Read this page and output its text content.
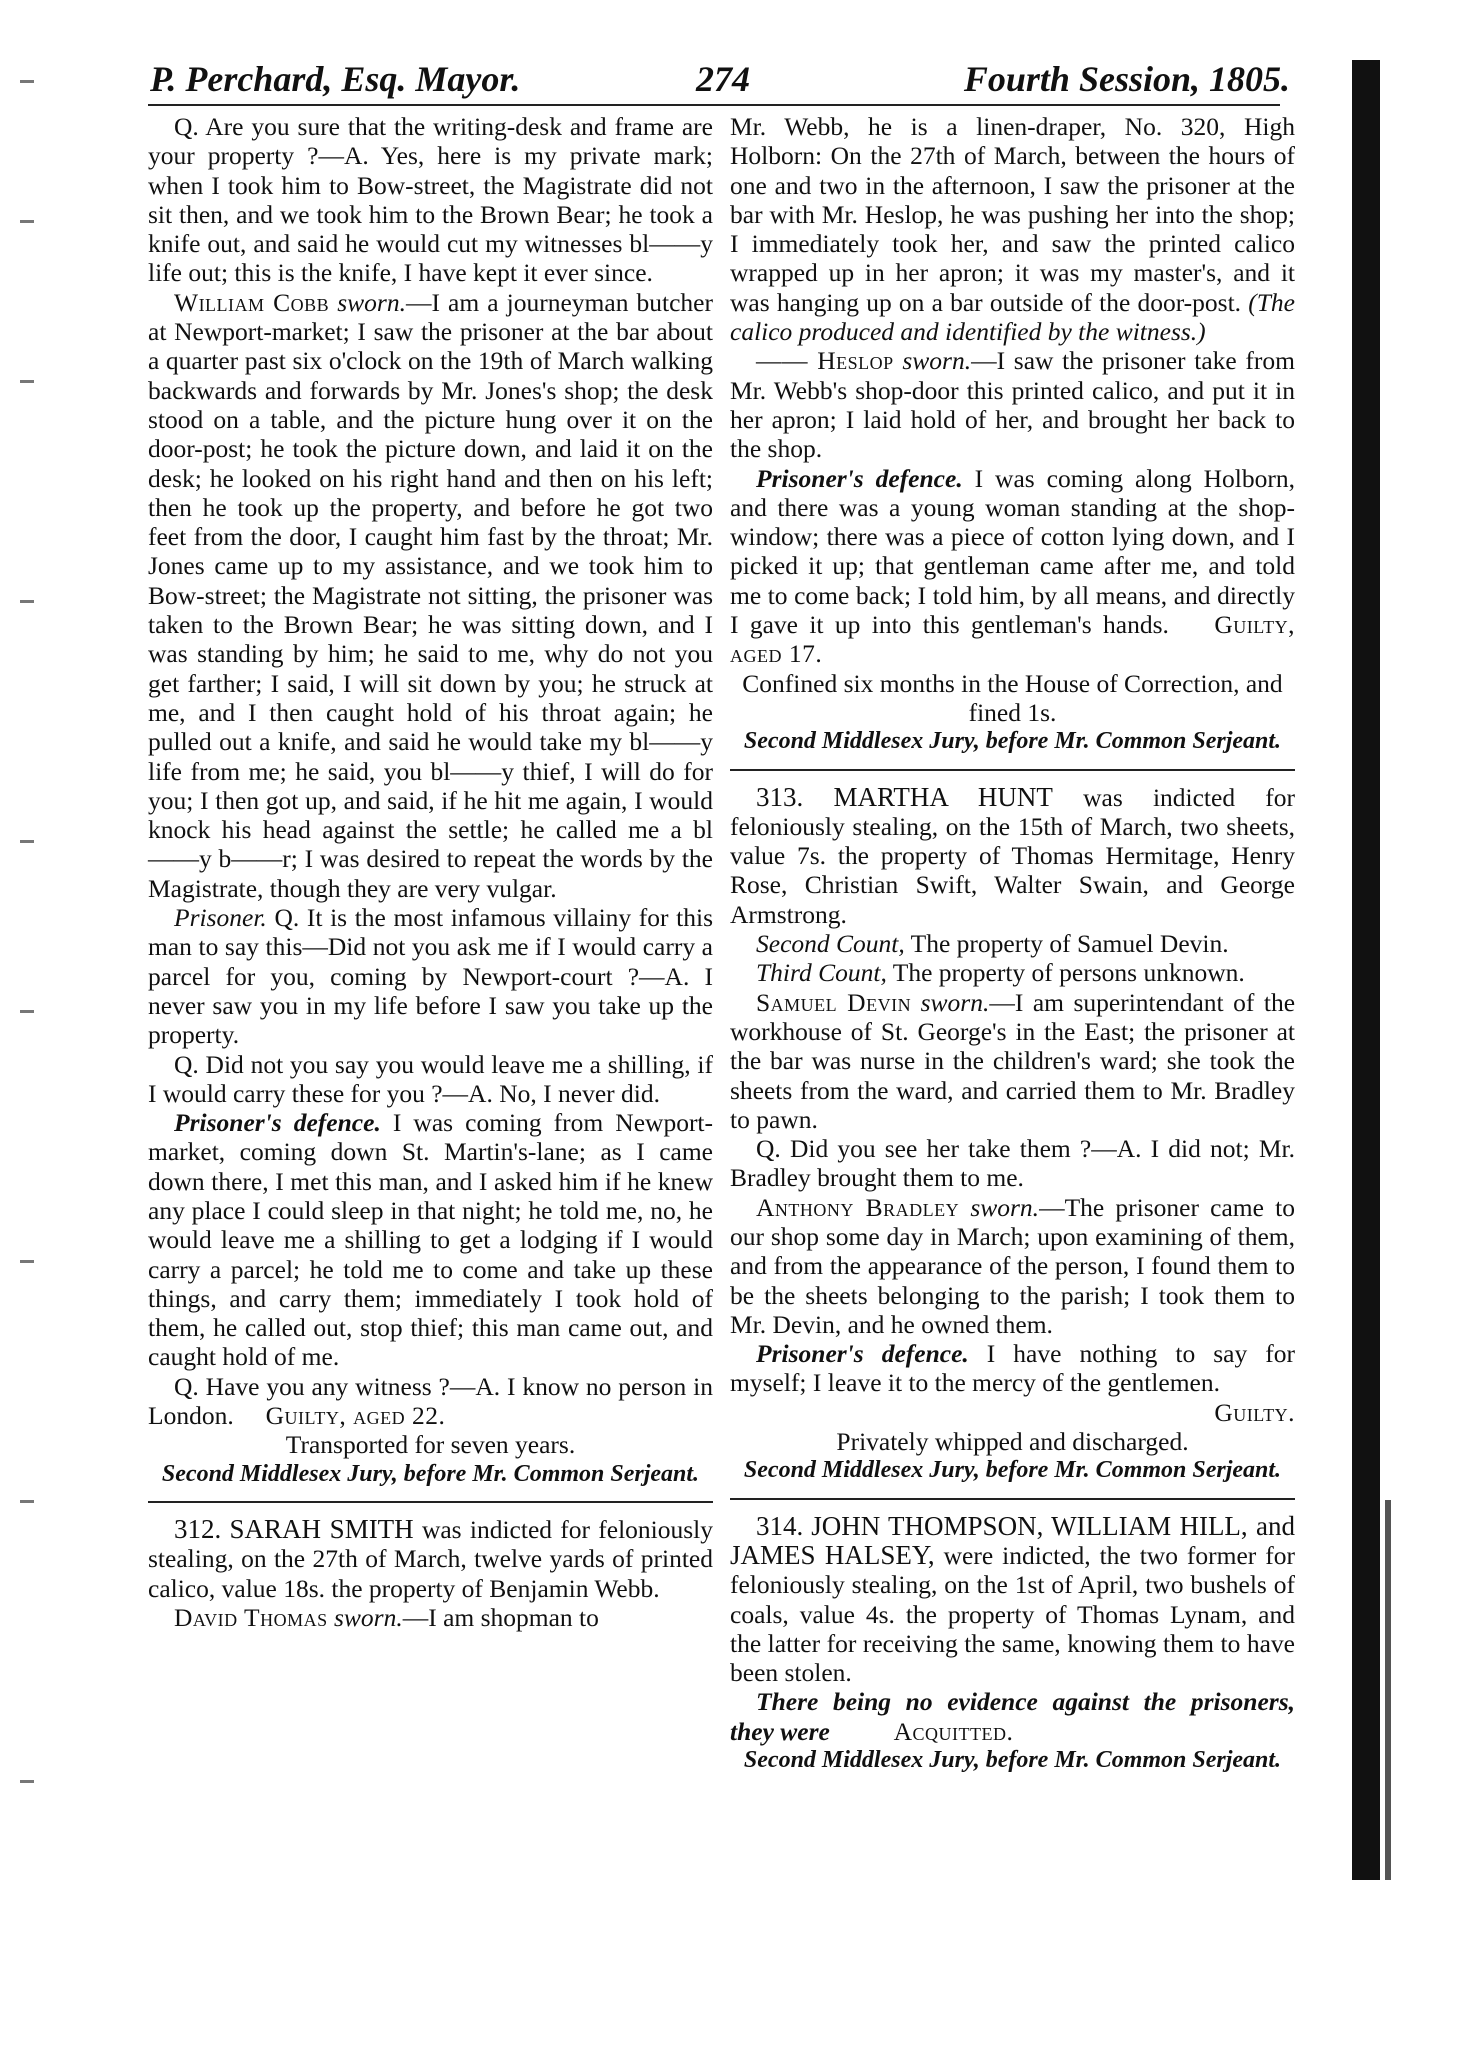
P. Perchard, Esq. Mayor.	274	Fourth Session, 1805.

Q. Are you sure that the writing-desk and frame are your property ?—A. Yes, here is my private mark; when I took him to Bow-street, the Magistrate did not sit then, and we took him to the Brown Bear; he took a knife out, and said he would cut my witnesses bl——y life out; this is the knife, I have kept it ever since.

William Cobb sworn.—I am a journeyman butcher at Newport-market; I saw the prisoner at the bar about a quarter past six o'clock on the 19th of March walking backwards and forwards by Mr. Jones's shop; the desk stood on a table, and the picture hung over it on the door-post; he took the picture down, and laid it on the desk; he looked on his right hand and then on his left; then he took up the property, and before he got two feet from the door, I caught him fast by the throat; Mr. Jones came up to my assistance, and we took him to Bow-street; the Magistrate not sitting, the prisoner was taken to the Brown Bear; he was sitting down, and I was standing by him; he said to me, why do not you get farther; I said, I will sit down by you; he struck at me, and I then caught hold of his throat again; he pulled out a knife, and said he would take my bl——y life from me; he said, you bl——y thief, I will do for you; I then got up, and said, if he hit me again, I would knock his head against the settle; he called me a bl——y b——r; I was desired to repeat the words by the Magistrate, though they are very vulgar.

Prisoner. Q. It is the most infamous villainy for this man to say this—Did not you ask me if I would carry a parcel for you, coming by Newport-court ?—A. I never saw you in my life before I saw you take up the property.

Q. Did not you say you would leave me a shilling, if I would carry these for you ?—A. No, I never did.

Prisoner's defence. I was coming from Newport-market, coming down St. Martin's-lane; as I came down there, I met this man, and I asked him if he knew any place I could sleep in that night; he told me, no, he would leave me a shilling to get a lodging if I would carry a parcel; he told me to come and take up these things, and carry them; immediately I took hold of them, he called out, stop thief; this man came out, and caught hold of me.

Q. Have you any witness ?—A. I know no person in London. Guilty, aged 22.

Transported for seven years.

Second Middlesex Jury, before Mr. Common Serjeant.

312. SARAH SMITH was indicted for feloniously stealing, on the 27th of March, twelve yards of printed calico, value 18s. the property of Benjamin Webb.

David Thomas sworn.—I am shopman to

Mr. Webb, he is a linen-draper, No. 320, High Holborn: On the 27th of March, between the hours of one and two in the afternoon, I saw the prisoner at the bar with Mr. Heslop, he was pushing her into the shop; I immediately took her, and saw the printed calico wrapped up in her apron; it was my master's, and it was hanging up on a bar outside of the door-post. (The calico produced and identified by the witness.)

—— Heslop sworn.—I saw the prisoner take from Mr. Webb's shop-door this printed calico, and put it in her apron; I laid hold of her, and brought her back to the shop.

Prisoner's defence. I was coming along Holborn, and there was a young woman standing at the shop-window; there was a piece of cotton lying down, and I picked it up; that gentleman came after me, and told me to come back; I told him, by all means, and directly I gave it up into this gentleman's hands. Guilty, aged 17.

Confined six months in the House of Correction, and fined 1s.

Second Middlesex Jury, before Mr. Common Serjeant.

313. MARTHA HUNT was indicted for feloniously stealing, on the 15th of March, two sheets, value 7s. the property of Thomas Hermitage, Henry Rose, Christian Swift, Walter Swain, and George Armstrong.

Second Count, The property of Samuel Devin.

Third Count, The property of persons unknown.

Samuel Devin sworn.—I am superintendant of the workhouse of St. George's in the East; the prisoner at the bar was nurse in the children's ward; she took the sheets from the ward, and carried them to Mr. Bradley to pawn.

Q. Did you see her take them ?—A. I did not; Mr. Bradley brought them to me.

Anthony Bradley sworn.—The prisoner came to our shop some day in March; upon examining of them, and from the appearance of the person, I found them to be the sheets belonging to the parish; I took them to Mr. Devin, and he owned them.

Prisoner's defence. I have nothing to say for myself; I leave it to the mercy of the gentlemen.

Guilty.

Privately whipped and discharged.

Second Middlesex Jury, before Mr. Common Serjeant.

314. JOHN THOMPSON, WILLIAM HILL, and JAMES HALSEY, were indicted, the two former for feloniously stealing, on the 1st of April, two bushels of coals, value 4s. the property of Thomas Lynam, and the latter for receiving the same, knowing them to have been stolen.

There being no evidence against the prisoners, they were	Acquitted.

Second Middlesex Jury, before Mr. Common Serjeant.
